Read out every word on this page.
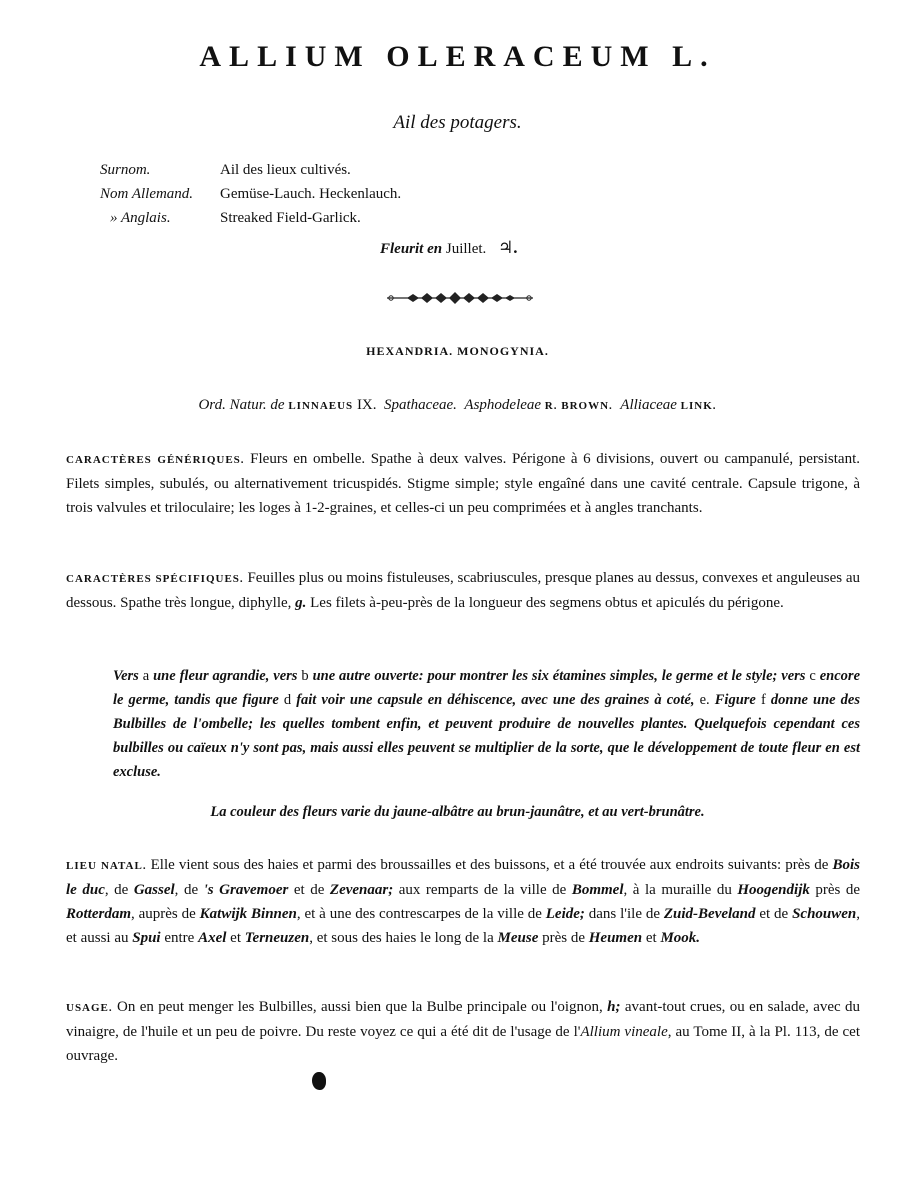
ALLIUM OLERACEUM L.
Ail des potagers.
Surnom.	Ail des lieux cultivés.
Nom Allemand.	Gemüse-Lauch. Heckenlauch.
» Anglais.	Streaked Field-Garlick.
Fleurit en Juillet. ♃.
HEXANDRIA. MONOGYNIA.
Ord. Natur. de LINNAEUS IX. Spathaceae. Asphodeleae R. BROWN. Alliaceae LINK.
CARACTÈRES GÉNÉRIQUES. Fleurs en ombelle. Spathe à deux valves. Périgone à 6 divisions, ouvert ou campanulé, persistant. Filets simples, subulés, ou alternativement tricuspidés. Stigme simple; style engaîné dans une cavité centrale. Capsule trigone, à trois valvules et triloculaire; les loges à 1-2-graines, et celles-ci un peu comprimées et à angles tranchants.
CARACTÈRES SPÉCIFIQUES. Feuilles plus ou moins fistuleuses, scabriuscules, presque planes au dessus, convexes et anguleuses au dessous. Spathe très longue, diphylle, g. Les filets à-peu-près de la longueur des segmens obtus et apiculés du périgone.
Vers a une fleur agrandie, vers b une autre ouverte: pour montrer les six étamines simples, le germe et le style; vers c encore le germe, tandis que figure d fait voir une capsule en déhiscence, avec une des graines à coté, e. Figure f donne une des Bulbilles de l'ombelle; les quelles tombent enfin, et peuvent produire de nouvelles plantes. Quelquefois cependant ces bulbilles ou caïeux n'y sont pas, mais aussi elles peuvent se multiplier de la sorte, que le développement de toute fleur en est excluse.
La couleur des fleurs varie du jaune-albâtre au brun-jaunâtre, et au vert-brunâtre.
LIEU NATAL. Elle vient sous des haies et parmi des broussailles et des buissons, et a été trouvée aux endroits suivants: près de Bois le duc, de Gassel, de 's Gravemoer et de Zevenaar; aux remparts de la ville de Bommel, à la muraille du Hoogendijk près de Rotterdam, auprès de Katwijk Binnen, et à une des contrescarpes de la ville de Leide; dans l'ile de Zuid-Beveland et de Schouwen, et aussi au Spui entre Axel et Terneuzen, et sous des haies le long de la Meuse près de Heumen et Mook.
USAGE. On en peut menger les Bulbilles, aussi bien que la Bulbe principale ou l'oignon, h; avant-tout crues, ou en salade, avec du vinaigre, de l'huile et un peu de poivre. Du reste voyez ce qui a été dit de l'usage de l'Allium vineale, au Tome II, à la Pl. 113, de cet ouvrage.
